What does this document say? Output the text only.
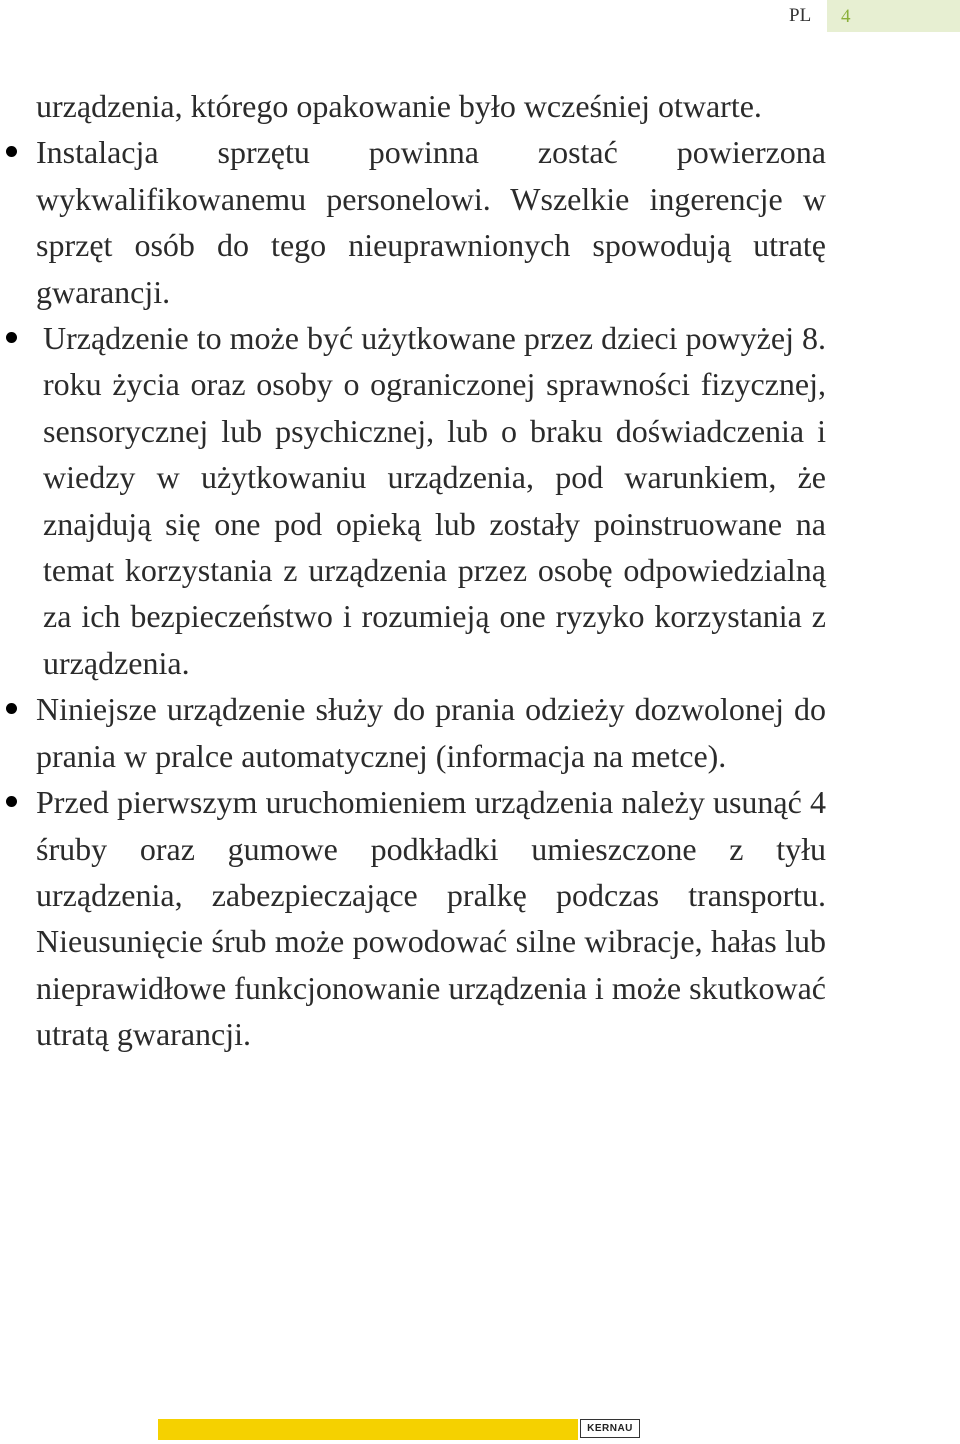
PL 4

urządzenia, którego opakowanie było wcześniej otwarte.

Instalacja sprzętu powinna zostać powierzona wykwalifikowanemu personelowi. Wszelkie ingerencje w sprzęt osób do tego nieuprawnionych spowodują utratę gwarancji.
Urządzenie to może być użytkowane przez dzieci powyżej 8. roku życia oraz osoby o ograniczonej sprawności fizycznej, sensorycznej lub psychicznej, lub o braku doświadczenia i wiedzy w użytkowaniu urządzenia, pod warunkiem, że znajdują się one pod opieką lub zostały poinstruowane na temat korzystania z urządzenia przez osobę odpowiedzialną za ich bezpieczeństwo i rozumieją one ryzyko korzystania z urządzenia.
Niniejsze urządzenie służy do prania odzieży dozwolonej do prania w pralce automatycznej (informacja na metce).
Przed pierwszym uruchomieniem urządzenia należy usunąć 4 śruby oraz gumowe podkładki umieszczone z tyłu urządzenia, zabezpieczające pralkę podczas transportu. Nieusunięcie śrub może powodować silne wibracje, hałas lub nieprawidłowe funkcjonowanie urządzenia i może skutkować utratą gwarancji.
KERNAU
